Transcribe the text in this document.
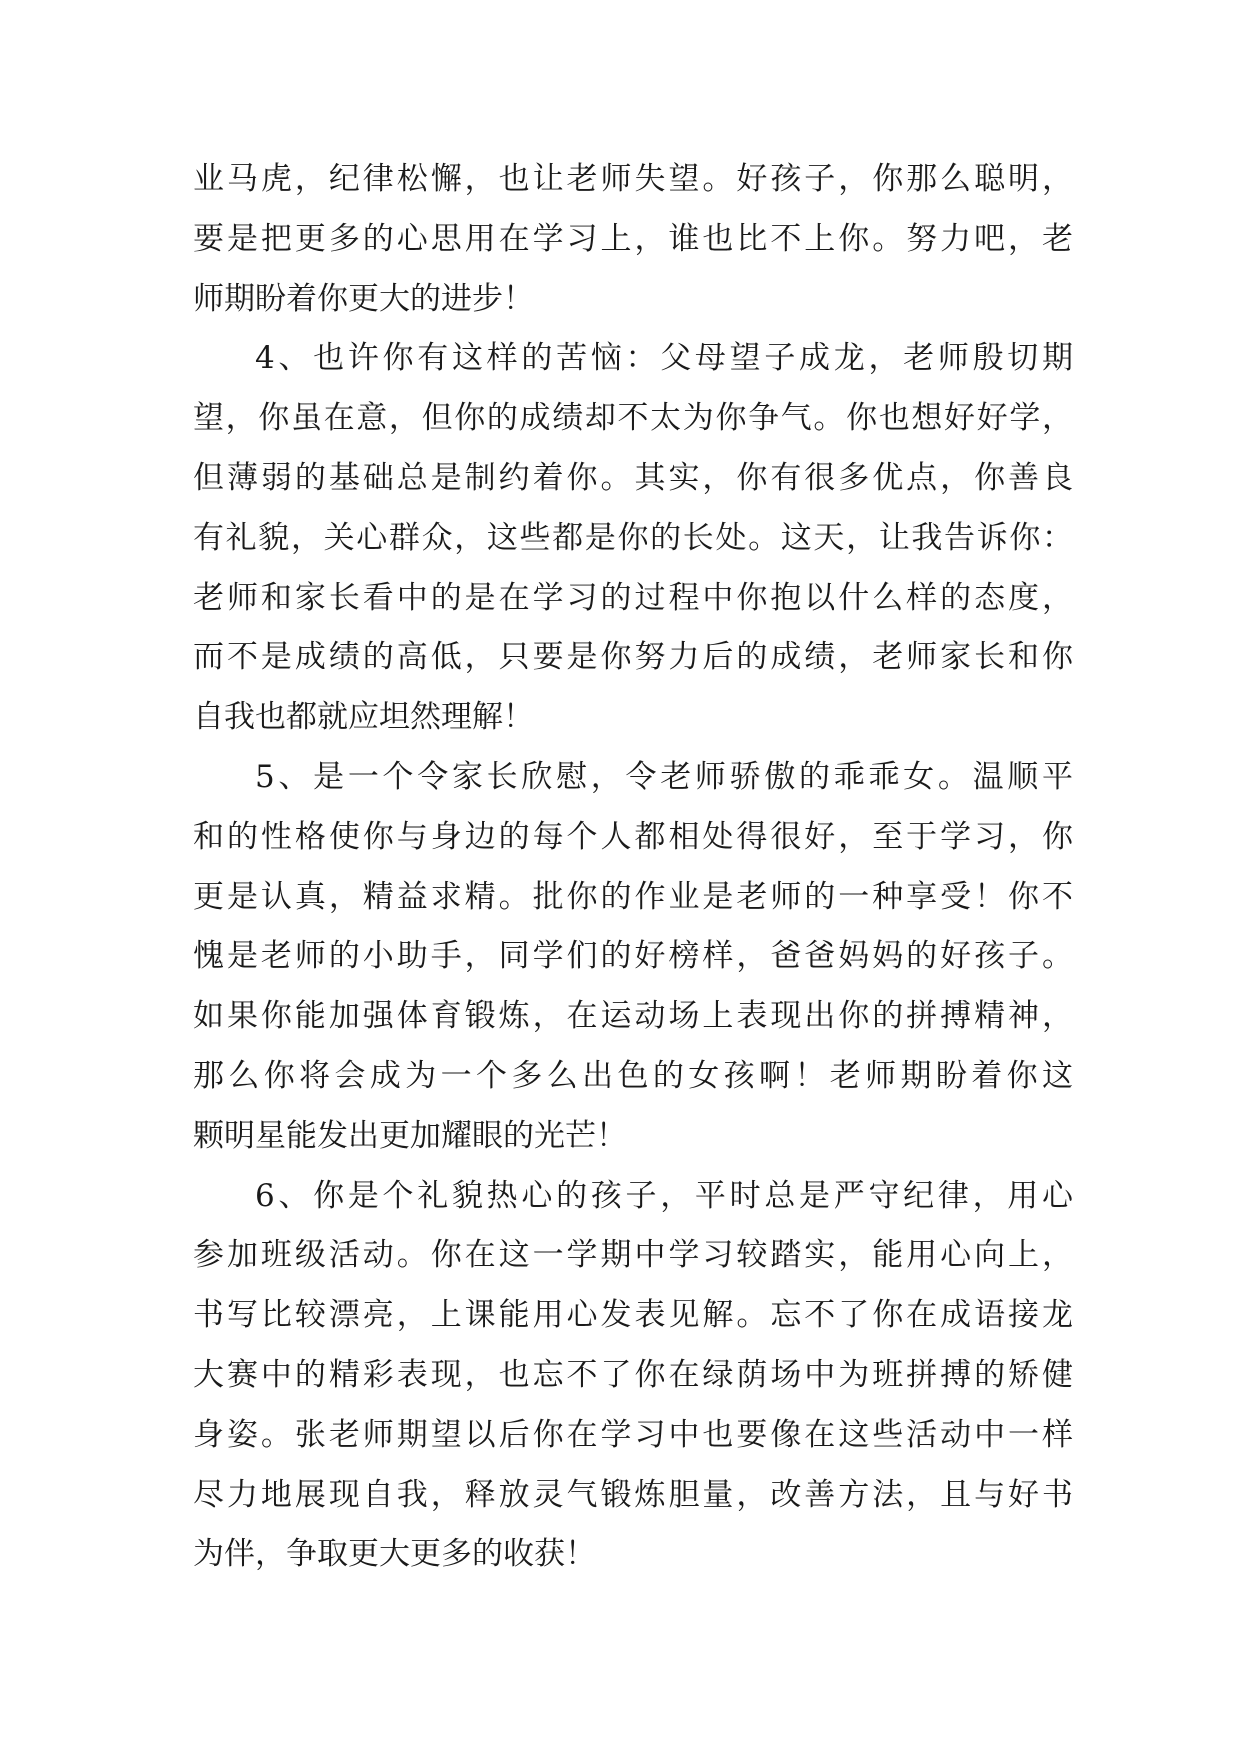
业马虎，纪律松懈，也让老师失望。好孩子，你那么聪明，
要是把更多的心思用在学习上，谁也比不上你。努力吧，老
师期盼着你更大的进步！
4、也许你有这样的苦恼：父母望子成龙，老师殷切期
望，你虽在意，但你的成绩却不太为你争气。你也想好好学，
但薄弱的基础总是制约着你。其实，你有很多优点，你善良
有礼貌，关心群众，这些都是你的长处。这天，让我告诉你：
老师和家长看中的是在学习的过程中你抱以什么样的态度，
而不是成绩的高低，只要是你努力后的成绩，老师家长和你
自我也都就应坦然理解！
5、是一个令家长欣慰，令老师骄傲的乖乖女。温顺平
和的性格使你与身边的每个人都相处得很好，至于学习，你
更是认真，精益求精。批你的作业是老师的一种享受！你不
愧是老师的小助手，同学们的好榜样，爸爸妈妈的好孩子。
如果你能加强体育锻炼，在运动场上表现出你的拼搏精神，
那么你将会成为一个多么出色的女孩啊！老师期盼着你这
颗明星能发出更加耀眼的光芒！
6、你是个礼貌热心的孩子，平时总是严守纪律，用心
参加班级活动。你在这一学期中学习较踏实，能用心向上，
书写比较漂亮，上课能用心发表见解。忘不了你在成语接龙
大赛中的精彩表现，也忘不了你在绿荫场中为班拼搏的矫健
身姿。张老师期望以后你在学习中也要像在这些活动中一样
尽力地展现自我，释放灵气锻炼胆量，改善方法，且与好书
为伴，争取更大更多的收获！
